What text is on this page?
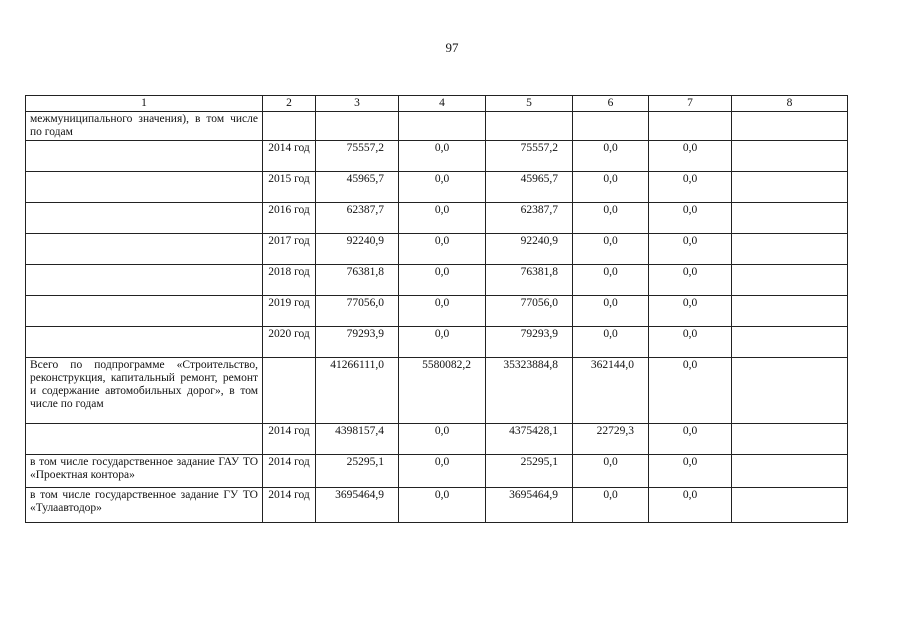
97
1	2	3	4	5	6	7	8
межмуниципального значения), в том числе по годам							
	2014 год	75557,2	0,0	75557,2	0,0	0,0	
	2015 год	45965,7	0,0	45965,7	0,0	0,0	
	2016 год	62387,7	0,0	62387,7	0,0	0,0	
	2017 год	92240,9	0,0	92240,9	0,0	0,0	
	2018 год	76381,8	0,0	76381,8	0,0	0,0	
	2019 год	77056,0	0,0	77056,0	0,0	0,0	
	2020 год	79293,9	0,0	79293,9	0,0	0,0	
Всего по подпрограмме «Строительство, реконструкция, капитальный ремонт, ремонт и содержание автомобильных дорог», в том числе по годам		41266111,0	5580082,2	35323884,8	362144,0	0,0	
	2014 год	4398157,4	0,0	4375428,1	22729,3	0,0	
в том числе государственное задание ГАУ ТО «Проектная контора»	2014 год	25295,1	0,0	25295,1	0,0	0,0	
в том числе государственное задание ГУ ТО «Тулаавтодор»	2014 год	3695464,9	0,0	3695464,9	0,0	0,0	
